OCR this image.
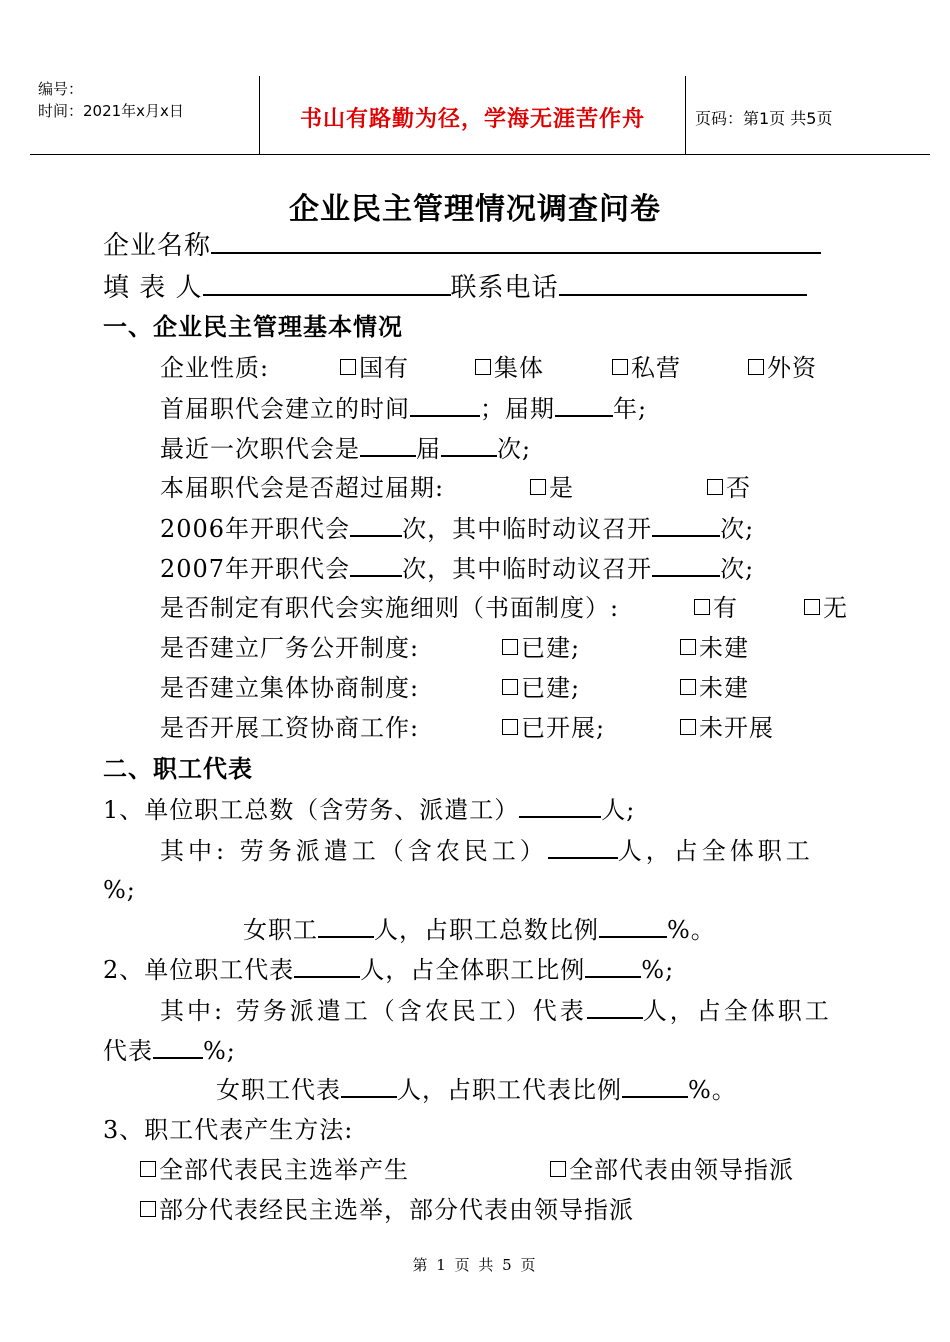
编号：
时间：2021年x月x日	书山有路勤为径，学海无涯苦作舟	页码：第1页 共5页
企业民主管理情况调查问卷
企业名称
填 表 人	联系电话
一、企业民主管理基本情况
企业性质:	国有	集体	私营	外资
首届职代会建立的时间	；届期 年;
最近一次职代会是 届 次;
本届职代会是否超过届期:	是	否
2006年开职代会 次，其中临时动议召开	次;
2007年开职代会 次，其中临时动议召开	次;
是否制定有职代会实施细则（书面制度）:	有	无
是否建立厂务公开制度:	已建;	未建
是否建立集体协商制度:	已建;	未建
是否开展工资协商工作:	已开展;	未开展
二、职工代表
1、单位职工总数（含劳务、派遣工）	人;
其中: 劳务派遣工（含农民工）	人，占全体职工
%;
女职工 人，占职工总数比例	%。
2、单位职工代表	人，占全体职工比例 %;
其中: 劳务派遣工（含农民工）代表 人，占全体职工
代表 %;
女职工代表 人，占职工代表比例	%。
3、职工代表产生方法:
全部代表民主选举产生	全部代表由领导指派
部分代表经民主选举，部分代表由领导指派
第 1 页 共 5 页
